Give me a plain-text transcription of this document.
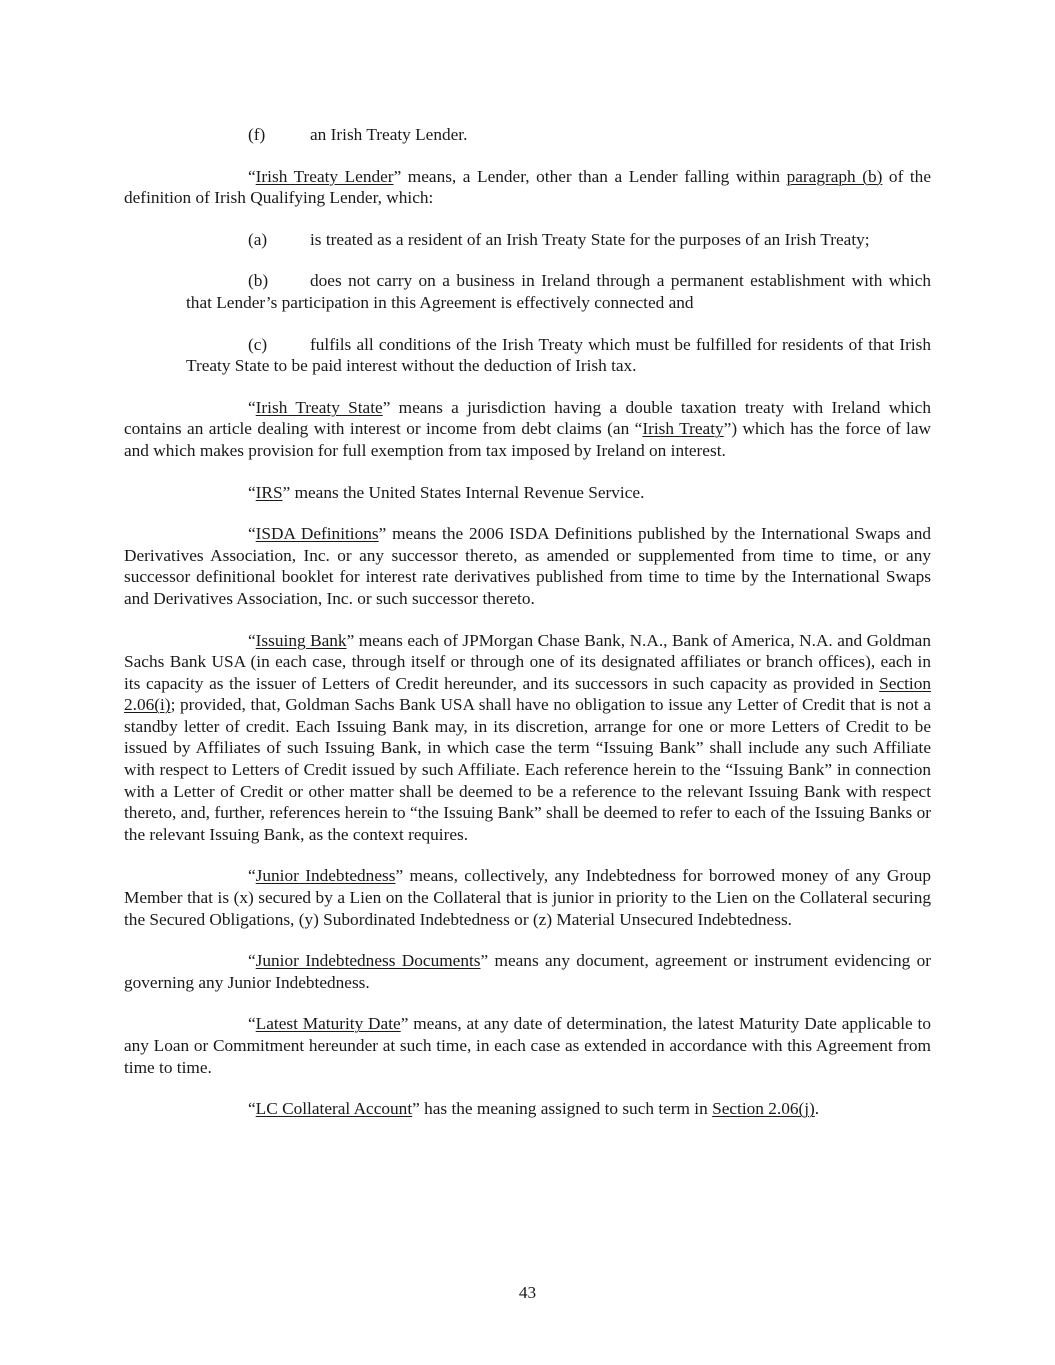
(f)	an Irish Treaty Lender.

“Irish Treaty Lender” means, a Lender, other than a Lender falling within paragraph (b) of the definition of Irish Qualifying Lender, which:

(a) is treated as a resident of an Irish Treaty State for the purposes of an Irish Treaty;

(b) does not carry on a business in Ireland through a permanent establishment with which that Lender’s participation in this Agreement is effectively connected and

(c) fulfils all conditions of the Irish Treaty which must be fulfilled for residents of that Irish Treaty State to be paid interest without the deduction of Irish tax.

“Irish Treaty State” means a jurisdiction having a double taxation treaty with Ireland which contains an article dealing with interest or income from debt claims (an “Irish Treaty”) which has the force of law and which makes provision for full exemption from tax imposed by Ireland on interest.

“IRS” means the United States Internal Revenue Service.

“ISDA Definitions” means the 2006 ISDA Definitions published by the International Swaps and Derivatives Association, Inc. or any successor thereto, as amended or supplemented from time to time, or any successor definitional booklet for interest rate derivatives published from time to time by the International Swaps and Derivatives Association, Inc. or such successor thereto.

“Issuing Bank” means each of JPMorgan Chase Bank, N.A., Bank of America, N.A. and Goldman Sachs Bank USA (in each case, through itself or through one of its designated affiliates or branch offices), each in its capacity as the issuer of Letters of Credit hereunder, and its successors in such capacity as provided in Section 2.06(i); provided, that, Goldman Sachs Bank USA shall have no obligation to issue any Letter of Credit that is not a standby letter of credit. Each Issuing Bank may, in its discretion, arrange for one or more Letters of Credit to be issued by Affiliates of such Issuing Bank, in which case the term “Issuing Bank” shall include any such Affiliate with respect to Letters of Credit issued by such Affiliate. Each reference herein to the “Issuing Bank” in connection with a Letter of Credit or other matter shall be deemed to be a reference to the relevant Issuing Bank with respect thereto, and, further, references herein to “the Issuing Bank” shall be deemed to refer to each of the Issuing Banks or the relevant Issuing Bank, as the context requires.

“Junior Indebtedness” means, collectively, any Indebtedness for borrowed money of any Group Member that is (x) secured by a Lien on the Collateral that is junior in priority to the Lien on the Collateral securing the Secured Obligations, (y) Subordinated Indebtedness or (z) Material Unsecured Indebtedness.

“Junior Indebtedness Documents” means any document, agreement or instrument evidencing or governing any Junior Indebtedness.

“Latest Maturity Date” means, at any date of determination, the latest Maturity Date applicable to any Loan or Commitment hereunder at such time, in each case as extended in accordance with this Agreement from time to time.

“LC Collateral Account” has the meaning assigned to such term in Section 2.06(j).

43
